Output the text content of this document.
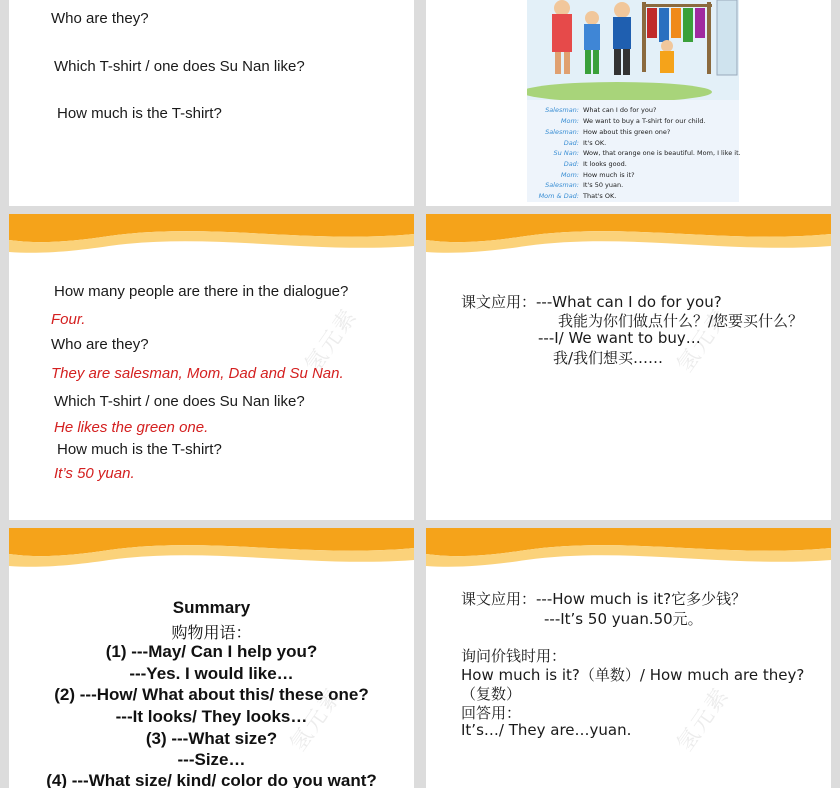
Who are they?
Which T-shirt / one does Su Nan like?
How much is the T-shirt?	Salesman: What can I do for you?
Mom: We want to buy a T-shirt for our child.
Salesman: How about this green one?
Dad: It's OK.
Su Nan: Wow, that orange one is beautiful. Mom, I like it.
Dad: It looks good.
Mom: How much is it?
Salesman: It's 50 yuan.
Mom & Dad: That's OK.
氢元素
How many people are there in the dialogue?
Four.
Who are they?
They are salesman, Mom, Dad and Su Nan.
Which T-shirt / one does Su Nan like?
He likes the green one.
How much is the T-shirt?
It’s 50 yuan.
氢元素
课文应用：---What can I do for you?
我能为你们做点什么？/您要买什么？
---I/ We want to buy…
我/我们想买……
氢元素
Summary
购物用语：
(1) ---May/ Can I help you?
---Yes. I would like…
(2) ---How/ What about this/ these one?
---It looks/ They looks…
(3) ---What size?
---Size…
(4) ---What size/ kind/ color do you want?
氢元素
课文应用：---How much is it?它多少钱？
---It’s 50 yuan.50元。
询问价钱时用：
How much is it?（单数）/ How much are they?
（复数）
回答用：
It’s…/ They are…yuan.
